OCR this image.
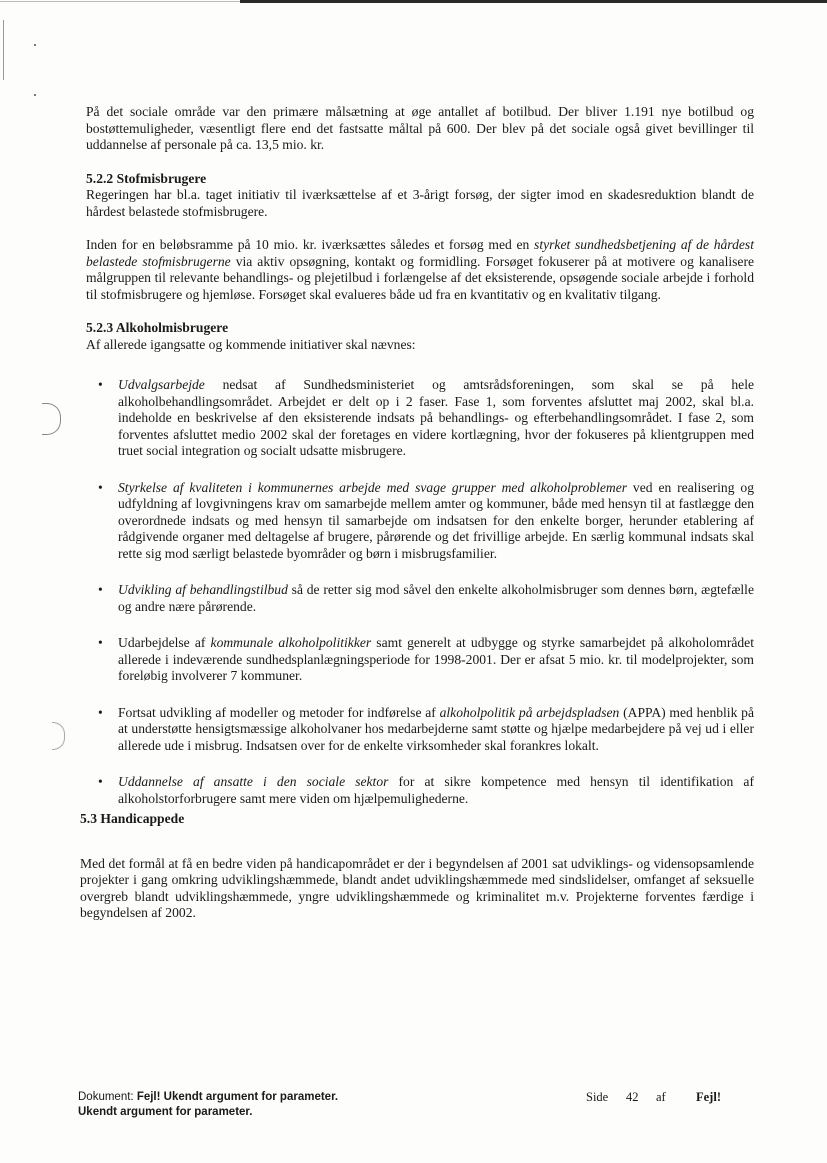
På det sociale område var den primære målsætning at øge antallet af botilbud. Der bliver 1.191 nye botilbud og bostøttemuligheder, væsentligt flere end det fastsatte måltal på 600. Der blev på det sociale også givet bevillinger til uddannelse af personale på ca. 13,5 mio. kr.

5.2.2 Stofmisbrugere

Regeringen har bl.a. taget initiativ til iværksættelse af et 3-årigt forsøg, der sigter imod en skadesreduktion blandt de hårdest belastede stofmisbrugere.

Inden for en beløbsramme på 10 mio. kr. iværksættes således et forsøg med en styrket sundhedsbetjening af de hårdest belastede stofmisbrugerne via aktiv opsøgning, kontakt og formidling. Forsøget fokuserer på at motivere og kanalisere målgruppen til relevante behandlings- og plejetilbud i forlængelse af det eksisterende, opsøgende sociale arbejde i forhold til stofmisbrugere og hjemløse. Forsøget skal evalueres både ud fra en kvantitativ og en kvalitativ tilgang.

5.2.3 Alkoholmisbrugere

Af allerede igangsatte og kommende initiativer skal nævnes:

• Udvalgsarbejde nedsat af Sundhedsministeriet og amtsrådsforeningen, som skal se på hele alkoholbehandlingsområdet. Arbejdet er delt op i 2 faser. Fase 1, som forventes afsluttet maj 2002, skal bl.a. indeholde en beskrivelse af den eksisterende indsats på behandlings- og efterbehandlingsområdet. I fase 2, som forventes afsluttet medio 2002 skal der foretages en videre kortlægning, hvor der fokuseres på klientgruppen med truet social integration og socialt udsatte misbrugere.
• Styrkelse af kvaliteten i kommunernes arbejde med svage grupper med alkoholproblemer ved en realisering og udfyldning af lovgivningens krav om samarbejde mellem amter og kommuner, både med hensyn til at fastlægge den overordnede indsats og med hensyn til samarbejde om indsatsen for den enkelte borger, herunder etablering af rådgivende organer med deltagelse af brugere, pårørende og det frivillige arbejde. En særlig kommunal indsats skal rette sig mod særligt belastede byområder og børn i misbrugsfamilier.
• Udvikling af behandlingstilbud så de retter sig mod såvel den enkelte alkoholmisbruger som dennes børn, ægtefælle og andre nære pårørende.
• Udarbejdelse af kommunale alkoholpolitikker samt generelt at udbygge og styrke samarbejdet på alkoholområdet allerede i indeværende sundhedsplanlægningsperiode for 1998-2001. Der er afsat 5 mio. kr. til modelprojekter, som foreløbig involverer 7 kommuner.
• Fortsat udvikling af modeller og metoder for indførelse af alkoholpolitik på arbejdspladsen (APPA) med henblik på at understøtte hensigtsmæssige alkoholvaner hos medarbejderne samt støtte og hjælpe medarbejdere på vej ud i eller allerede ude i misbrug. Indsatsen over for de enkelte virksomheder skal forankres lokalt.
• Uddannelse af ansatte i den sociale sektor for at sikre kompetence med hensyn til identifikation af alkoholstorforbrugere samt mere viden om hjælpemulighederne.
5.3 Handicappede

Med det formål at få en bedre viden på handicapområdet er der i begyndelsen af 2001 sat udviklings- og vidensopsamlende projekter i gang omkring udviklingshæmmede, blandt andet udviklingshæmmede med sindslidelser, omfanget af seksuelle overgreb blandt udviklingshæmmede, yngre udviklingshæmmede og kriminalitet m.v. Projekterne forventes færdige i begyndelsen af 2002.

Dokument: Fejl! Ukendt argument for parameter.
Ukendt argument for parameter.
Side 42 af Fejl!
